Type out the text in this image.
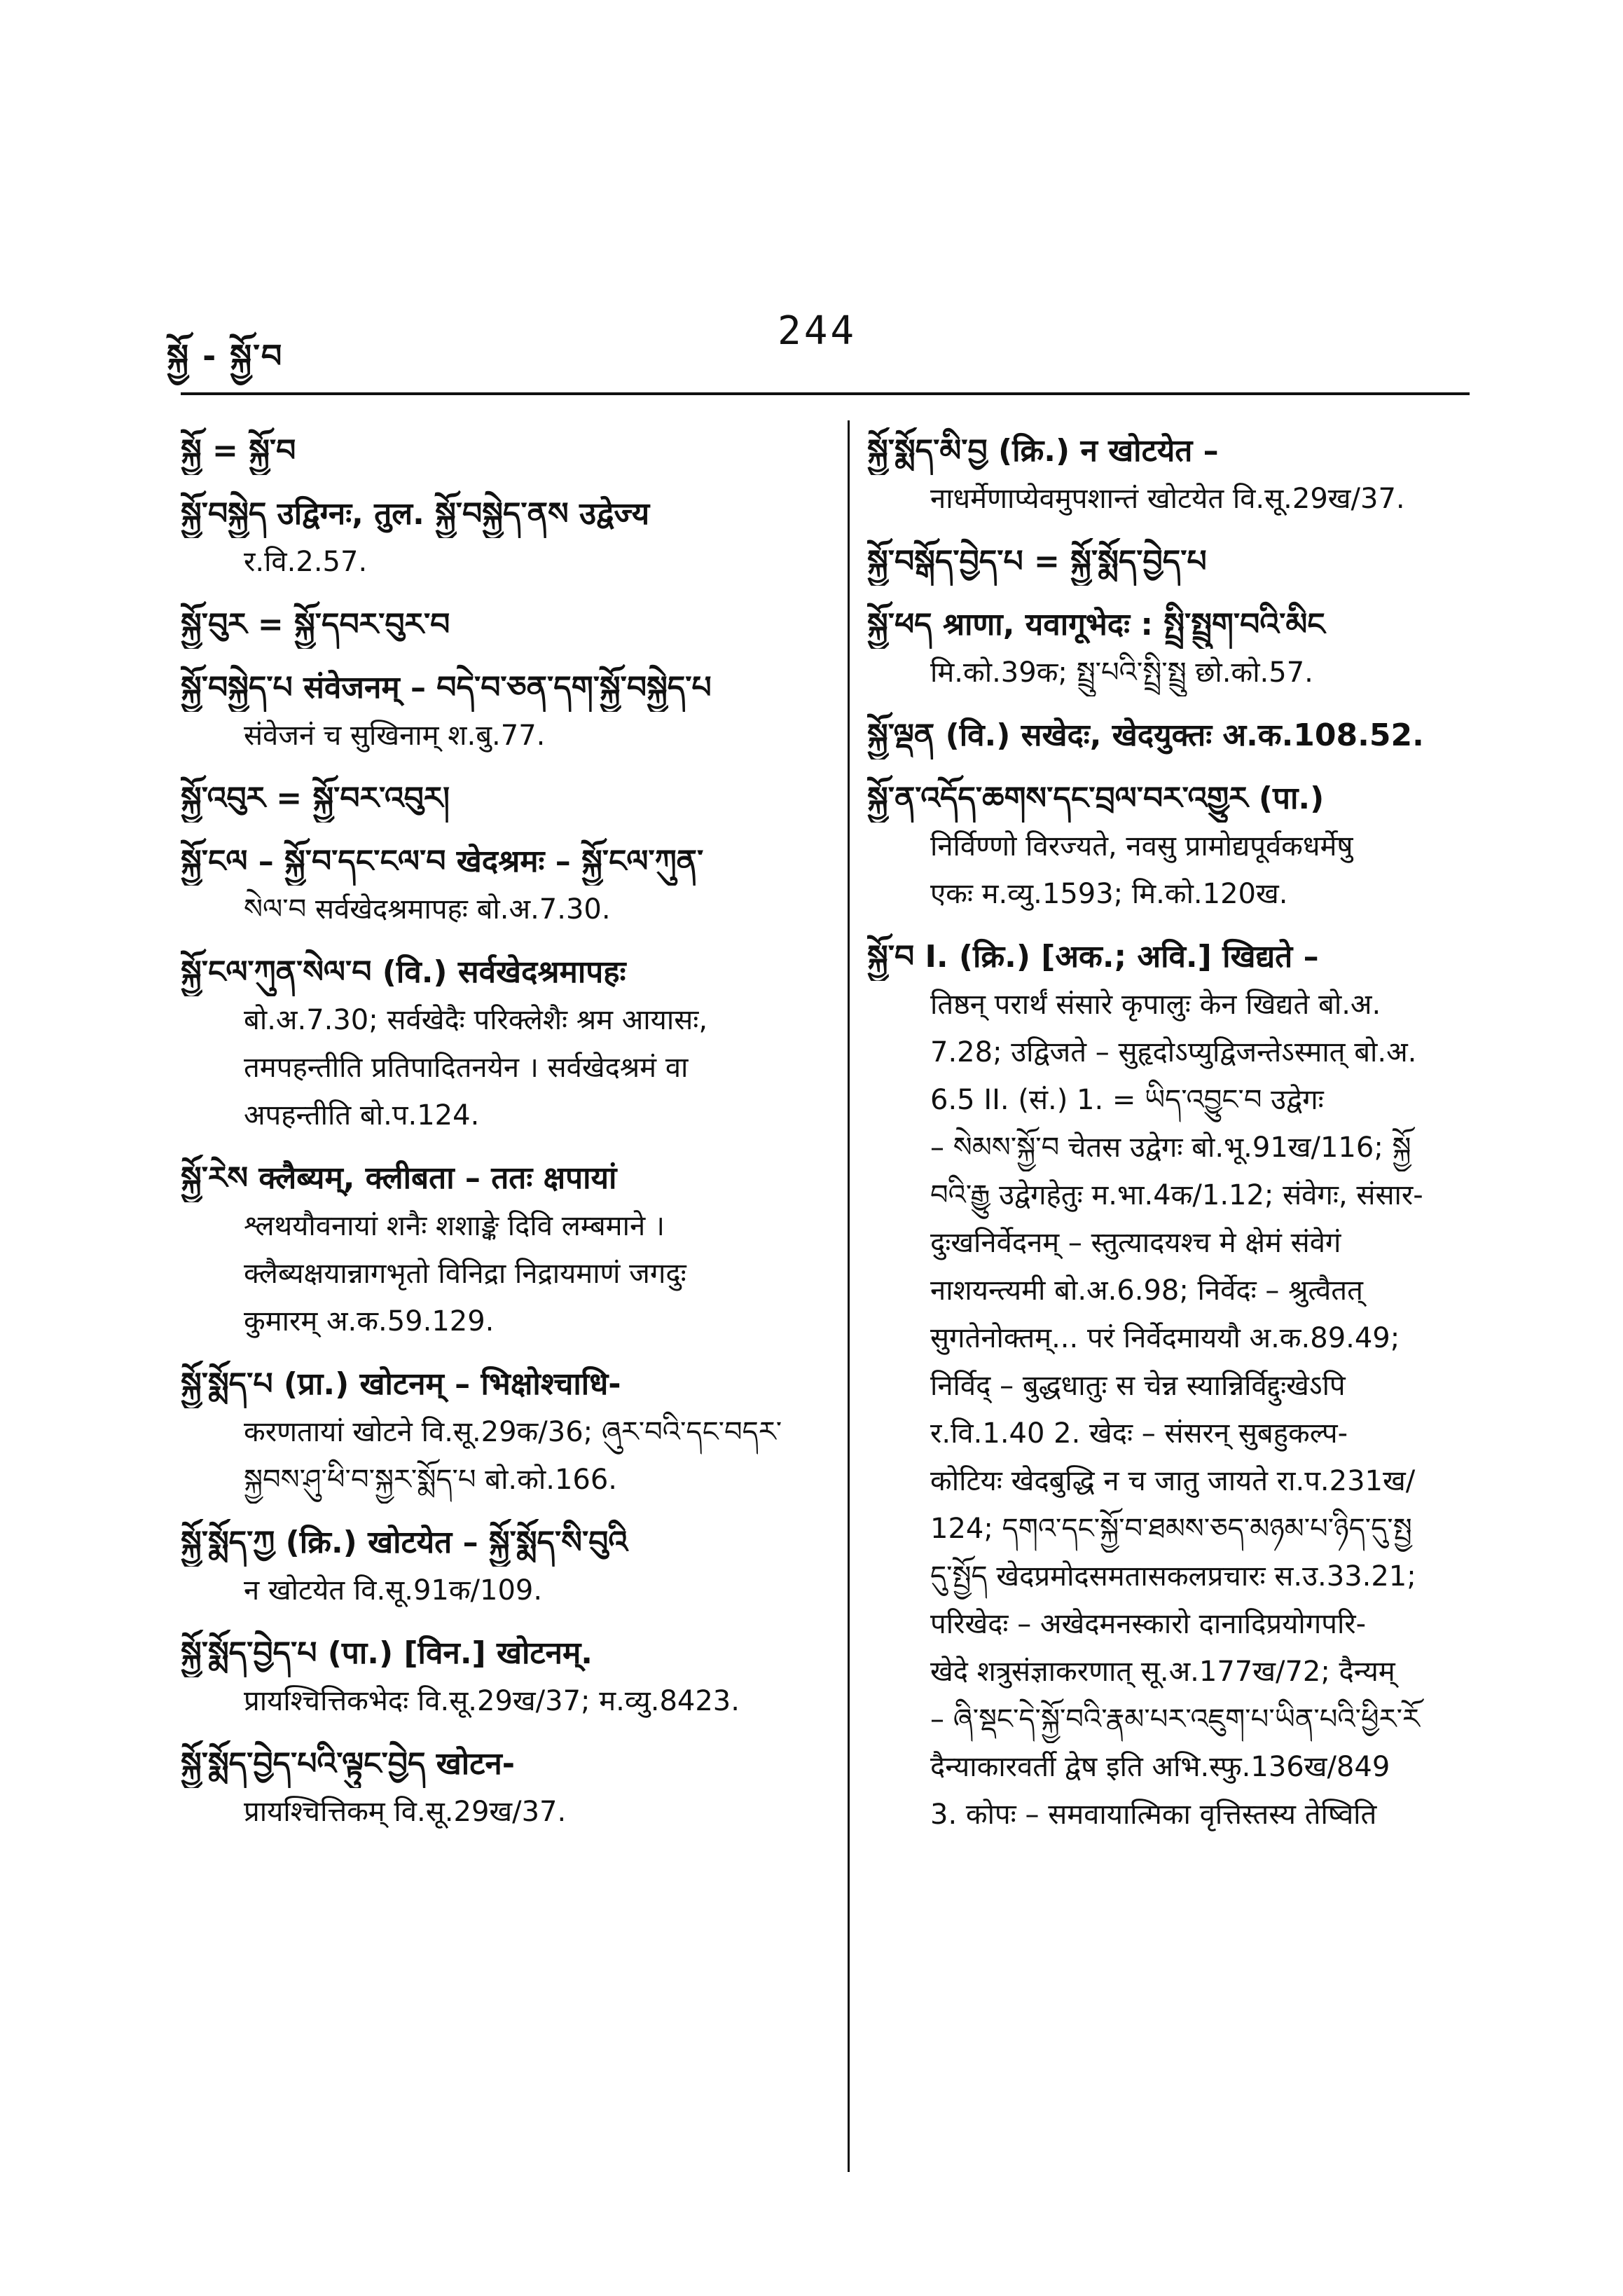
སྐྱོ - སྐྱོ་བ
244
སྐྱོ = སྐྱོ་བ
སྐྱོ་བསྐྱེད उद्विग्नः, तुल. སྐྱོ་བསྐྱེད་ནས उद्वेज्य
र.वि.2.57.
སྐྱོ་བུར = སྐྱོ་དབར་བུར་བ
སྐྱོ་བསྐྱེད་པ संवेजनम् – བདེ་བ་ཅན་དག་སྐྱོ་བསྐྱེད་པ
संवेजनं च सुखिनाम् श.बु.77.
སྐྱོ་འབུར = སྐྱོ་བར་འབུར།
སྐྱོ་ངལ – སྐྱོ་བ་དང་ངལ་བ खेदश्रमः – སྐྱོ་ངལ་ཀུན་
སེལ་བ सर्वखेदश्रमापहः बो.अ.7.30.
སྐྱོ་ངལ་ཀུན་སེལ་བ (वि.) सर्वखेदश्रमापहः
बो.अ.7.30; सर्वखेदैः परिक्लेशैः श्रम आयासः,
तमपहन्तीति प्रतिपादितनयेन । सर्वखेदश्रमं वा
अपहन्तीति बो.प.124.
སྐྱོ་རེས क्लैब्यम्, क्लीबता – ततः क्षपायां
श्लथयौवनायां शनैः शशाङ्के दिवि लम्बमाने ।
क्लैब्यक्षयान्नागभृतो विनिद्रा निद्रायमाणं जगदुः
कुमारम् अ.क.59.129.
སྐྱོ་སྨོད་པ (प्रा.) खोटनम् – भिक्षोश्चाधि-
करणतायां खोटने वि.सू.29क/36; ཞུར་བའི་དང་བདར་
སྐྱབས་ཤུ་ཕི་བ་སྐྱར་སྨོད་པ बो.को.166.
སྐྱོ་སྨོད་ཀྱ (क्रि.) खोटयेत – སྐྱོ་སྨོད་སི་བུའི
न खोटयेत वि.सू.91क/109.
སྐྱོ་སྨོད་བྱེད་པ (पा.) [विन.] खोटनम्.
प्रायश्चित्तिकभेदः वि.सू.29ख/37; म.व्यु.8423.
སྐྱོ་སྨོད་བྱེད་པའི་ལྟུང་བྱེད खोटन-
प्रायश्चित्तिकम् वि.सू.29ख/37.
སྐྱོ་སྨོད་མི་བྱ (क्रि.) न खोटयेत –
नाधर्मेणाप्येवमुपशान्तं खोटयेत वि.सू.29ख/37.
སྐྱོ་བསྒོད་བྱེད་པ = སྐྱོ་སྨོད་བྱེད་པ
སྐྱོ་ཕད श्राणा, यवागूभेदः : སྤྲི་སྤྲུག་བའི་མིང
मि.को.39क; སྤྲུ་པའི་སྤྲི་སྤྲུ छो.को.57.
སྐྱོ་ལྡན (वि.) सखेदः, खेदयुक्तः अ.क.108.52.
སྐྱོ་ན་འདོད་ཆགས་དང་བྲལ་བར་འགྱུར (पा.)
निर्विण्णो विरज्यते, नवसु प्रामोद्यपूर्वकधर्मेषु
एकः म.व्यु.1593; मि.को.120ख.
སྐྱོ་བ I. (क्रि.) [अक.; अवि.] खिद्यते –
तिष्ठन् परार्थं संसारे कृपालुः केन खिद्यते बो.अ.
7.28; उद्विजते – सुहृदोऽप्युद्विजन्तेऽस्मात् बो.अ.
6.5 II. (सं.) 1. = ཡིད་འབྱུང་བ उद्वेगः
– སེམས་སྐྱོ་བ चेतस उद्वेगः बो.भू.91ख/116; སྐྱོ
བའི་རྒྱུ उद्वेगहेतुः म.भा.4क/1.12; संवेगः, संसार-
दुःखनिर्वेदनम् – स्तुत्यादयश्च मे क्षेमं संवेगं
नाशयन्त्यमी बो.अ.6.98; निर्वेदः – श्रुत्वैतत्
सुगतेनोक्तम्... परं निर्वेदमाययौ अ.क.89.49;
निर्विद् – बुद्धधातुः स चेन्न स्यान्निर्विद्दुःखेऽपि
र.वि.1.40 2. खेदः – संसरन् सुबहुकल्प-
कोटियः खेदबुद्धि न च जातु जायते रा.प.231ख/
124; དགའ་དང་སྐྱོ་བ་ཐམས་ཅད་མཉམ་པ་ཉིད་དུ་སྤྱ
དུ་སྤྱོད खेदप्रमोदसमतासकलप्रचारः स.उ.33.21;
परिखेदः – अखेदमनस्कारो दानादिप्रयोगपरि-
खेदे शत्रुसंज्ञाकरणात् सू.अ.177ख/72; दैन्यम्
– ཞི་སྡང་དེ་སྐྱོ་བའི་རྣམ་པར་འཇུག་པ་ཡིན་པའི་ཕྱིར་རོ
दैन्याकारवर्ती द्वेष इति अभि.स्फु.136ख/849
3. कोपः – समवायात्मिका वृत्तिस्तस्य तेष्विति
